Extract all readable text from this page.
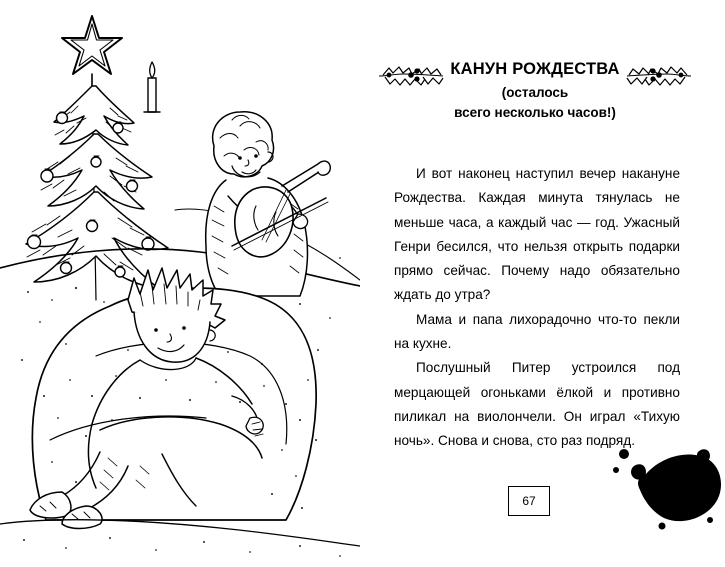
КАНУН РОЖДЕСТВА

(осталось
всего несколько часов!)

И вот наконец наступил вечер накануне Рождества. Каждая минута тянулась не меньше часа, а каждый час — год. Ужасный Генри бесился, что нельзя открыть подарки прямо сейчас. Почему надо обязательно ждать до утра?

Мама и папа лихорадочно что-то пекли на кухне.

Послушный Питер устроился под мерцающей огоньками ёлкой и противно пиликал на виолончели. Он играл «Тихую ночь». Снова и снова, сто раз подряд.

67
